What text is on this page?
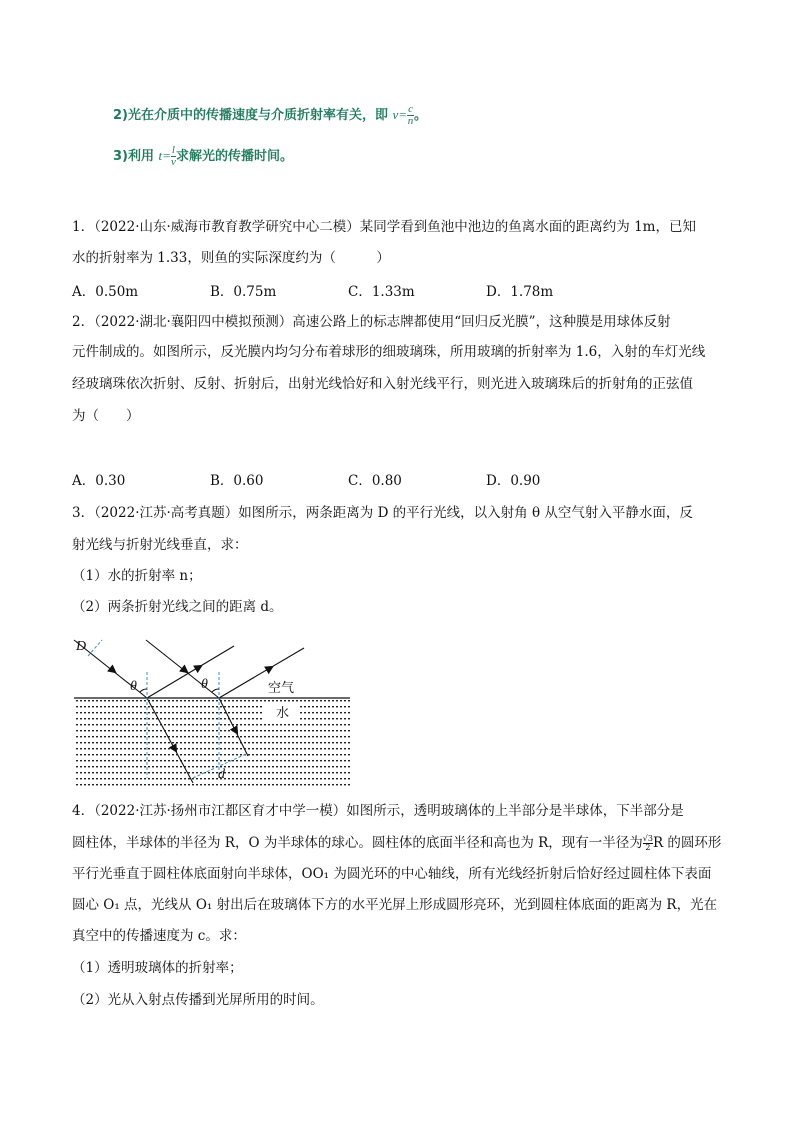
2)光在介质中的传播速度与介质折射率有关，即 $v= \frac{c}{n}$ 。
3)利用 $t= \frac{l}{v}$ 求解光的传播时间。
1．（2022·山东·威海市教育教学研究中心二模）某同学看到鱼池中池边的鱼离水面的距离约为 1m，已知
水的折射率为 1.33，则鱼的实际深度约为（　　　）
A．0.50m	B．0.75m	C．1.33m	D．1.78m
2．（2022·湖北·襄阳四中模拟预测）高速公路上的标志牌都使用“回归反光膜”，这种膜是用球体反射
元件制成的。如图所示，反光膜内均匀分布着球形的细玻璃珠，所用玻璃的折射率为 1.6，入射的车灯光线
经玻璃珠依次折射、反射、折射后，出射光线恰好和入射光线平行，则光进入玻璃珠后的折射角的正弦值
为（　　）
A．0.30	B．0.60	C．0.80	D．0.90
3．（2022·江苏·高考真题）如图所示，两条距离为 D 的平行光线，以入射角 θ 从空气射入平静水面，反
射光线与折射光线垂直，求：
（1）水的折射率 n；
（2）两条折射光线之间的距离 d。
D
θ	θ	空气
水
d
4．（2022·江苏·扬州市江都区育才中学一模）如图所示，透明玻璃体的上半部分是半球体，下半部分是
圆柱体，半球体的半径为 R，O 为半球体的球心。圆柱体的底面半径和高也为 R，现有一半径为 $\frac{√3}{2}$ R 的圆环形
平行光垂直于圆柱体底面射向半球体，OO₁ 为圆光环的中心轴线，所有光线经折射后恰好经过圆柱体下表面
圆心 O₁ 点，光线从 O₁ 射出后在玻璃体下方的水平光屏上形成圆形亮环，光到圆柱体底面的距离为 R，光在
真空中的传播速度为 c。求：
（1）透明玻璃体的折射率；
（2）光从入射点传播到光屏所用的时间。
